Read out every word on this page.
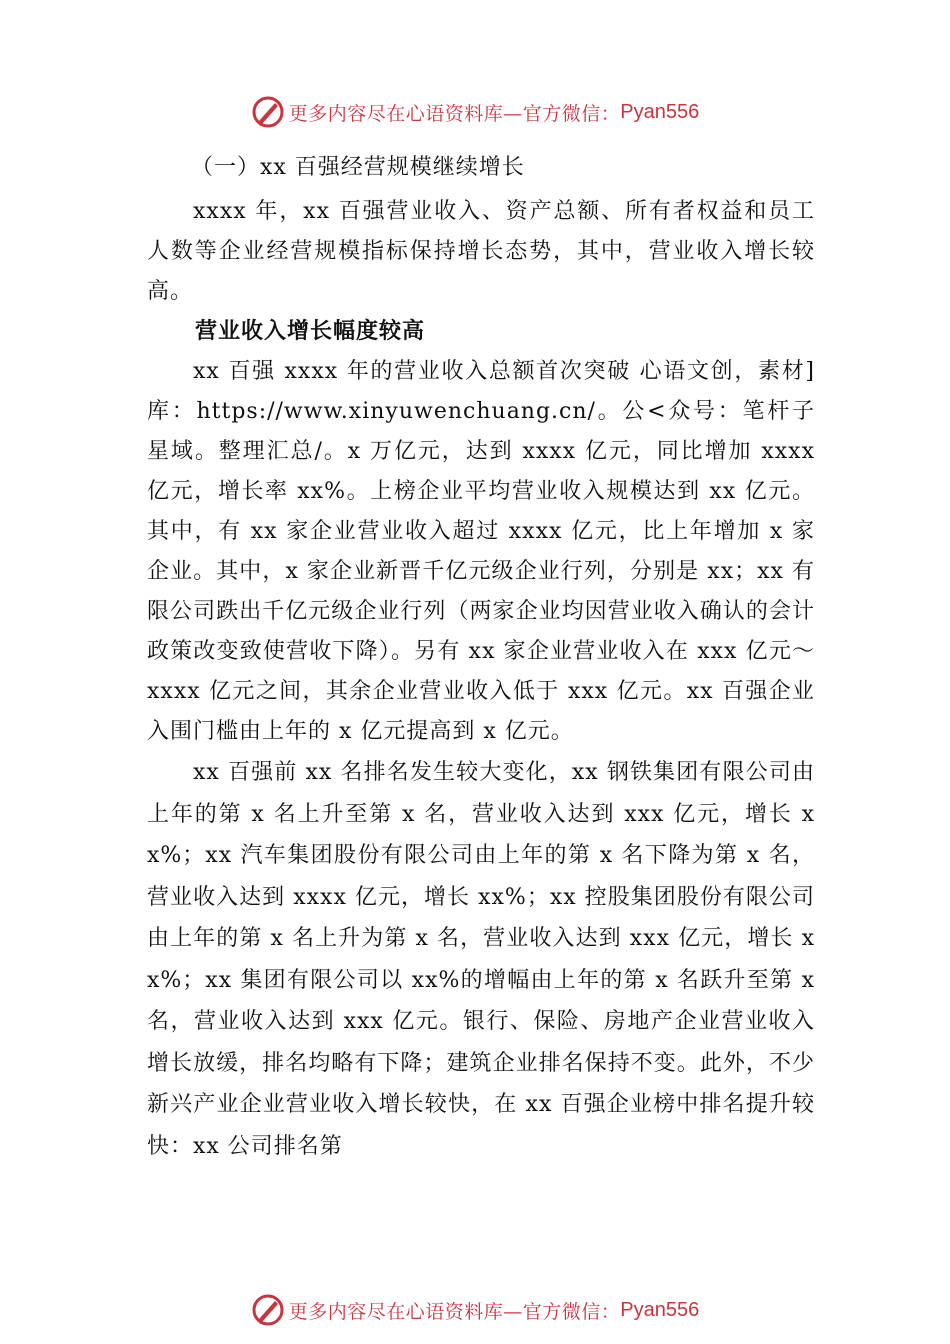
更多内容尽在心语资料库—官方微信： Pyan556

（一）xx 百强经营规模继续增长

xxxx 年，xx 百强营业收入、资产总额、所有者权益和员工人数等企业经营规模指标保持增长态势，其中，营业收入增长较高。

营业收入增长幅度较高

xx 百强 xxxx 年的营业收入总额首次突破 心语文创，素材]库：https://www.xinyuwenchuang.cn/。公<众号：笔杆子星域。整理汇总/。x 万亿元，达到 xxxx 亿元，同比增加 xxxx 亿元，增长率 xx%。上榜企业平均营业收入规模达到 xx 亿元。其中，有 xx 家企业营业收入超过 xxxx 亿元，比上年增加 x 家企业。其中，x 家企业新晋千亿元级企业行列，分别是 xx；xx 有限公司跌出千亿元级企业行列（两家企业均因营业收入确认的会计政策改变致使营收下降）。另有 xx 家企业营业收入在 xxx 亿元～xxxx 亿元之间，其余企业营业收入低于 xxx 亿元。xx 百强企业入围门槛由上年的 x 亿元提高到 x 亿元。

xx 百强前 xx 名排名发生较大变化，xx 钢铁集团有限公司由上年的第 x 名上升至第 x 名，营业收入达到 xxx 亿元，增长 xx%；xx 汽车集团股份有限公司由上年的第 x 名下降为第 x 名，营业收入达到 xxxx 亿元，增长 xx%；xx 控股集团股份有限公司由上年的第 x 名上升为第 x 名，营业收入达到 xxx 亿元，增长 xx%；xx 集团有限公司以 xx%的增幅由上年的第 x 名跃升至第 x 名，营业收入达到 xxx 亿元。银行、保险、房地产企业营业收入增长放缓，排名均略有下降；建筑企业排名保持不变。此外，不少新兴产业企业营业收入增长较快，在 xx 百强企业榜中排名提升较快：xx 公司排名第

更多内容尽在心语资料库—官方微信： Pyan556
